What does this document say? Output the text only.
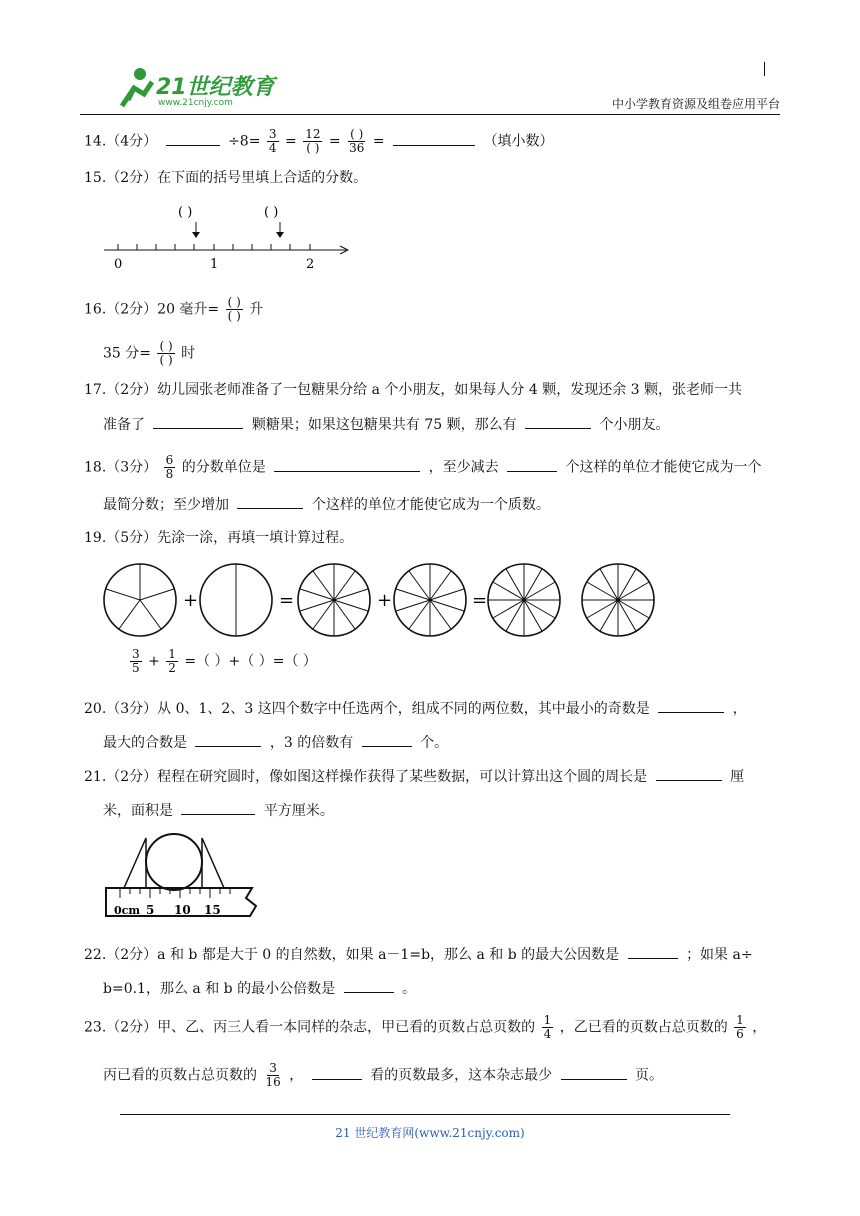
21世纪教育
www.21cnjy.com	中小学教育资源及组卷应用平台
14.（4分）	$\div 8= \frac{3}{4} = \frac{12}{( )} = \frac{( )}{36}$ =	（填小数）
15.（2分）在下面的括号里填上合适的分数。
( )	( )
0	1	2
16.（2分）20 毫升= $\frac{( )}{( )}$ 升
35 分= $\frac{( )}{( )}$ 时
17.（2分）幼儿园张老师准备了一包糖果分给 a 个小朋友，如果每人分 4 颗，发现还余 3 颗，张老师一共
准备了	颗糖果；如果这包糖果共有 75 颗，那么有	个小朋友。
18.（3分） $\frac{6}{8}$ 的分数单位是	，至少减去	个这样的单位才能使它成为一个
最简分数；至少增加	个这样的单位才能使它成为一个质数。
19.（5分）先涂一涂，再填一填计算过程。
+	=	+	=
$\frac{3}{5} + \frac{1}{2}$ =（ ）+（ ）=（ ）
20.（3分）从 0、1、2、3 这四个数字中任选两个，组成不同的两位数，其中最小的奇数是	，
最大的合数是	，3 的倍数有	个。
21.（2分）程程在研究圆时，像如图这样操作获得了某些数据，可以计算出这个圆的周长是	厘
米，面积是	平方厘米。
0cm 5 10 15
22.（2分）a 和 b 都是大于 0 的自然数，如果 a－1=b，那么 a 和 b 的最大公因数是	；如果 a÷
b=0.1，那么 a 和 b 的最小公倍数是	。
23.（2分）甲、乙、丙三人看一本同样的杂志，甲已看的页数占总页数的 $\frac{1}{4}$ ，乙已看的页数占总页数的 $\frac{1}{6}$ ，
丙已看的页数占总页数的 $\frac{3}{16}$ ，	看的页数最多，这本杂志最少	页。
21 世纪教育网(www.21cnjy.com)
